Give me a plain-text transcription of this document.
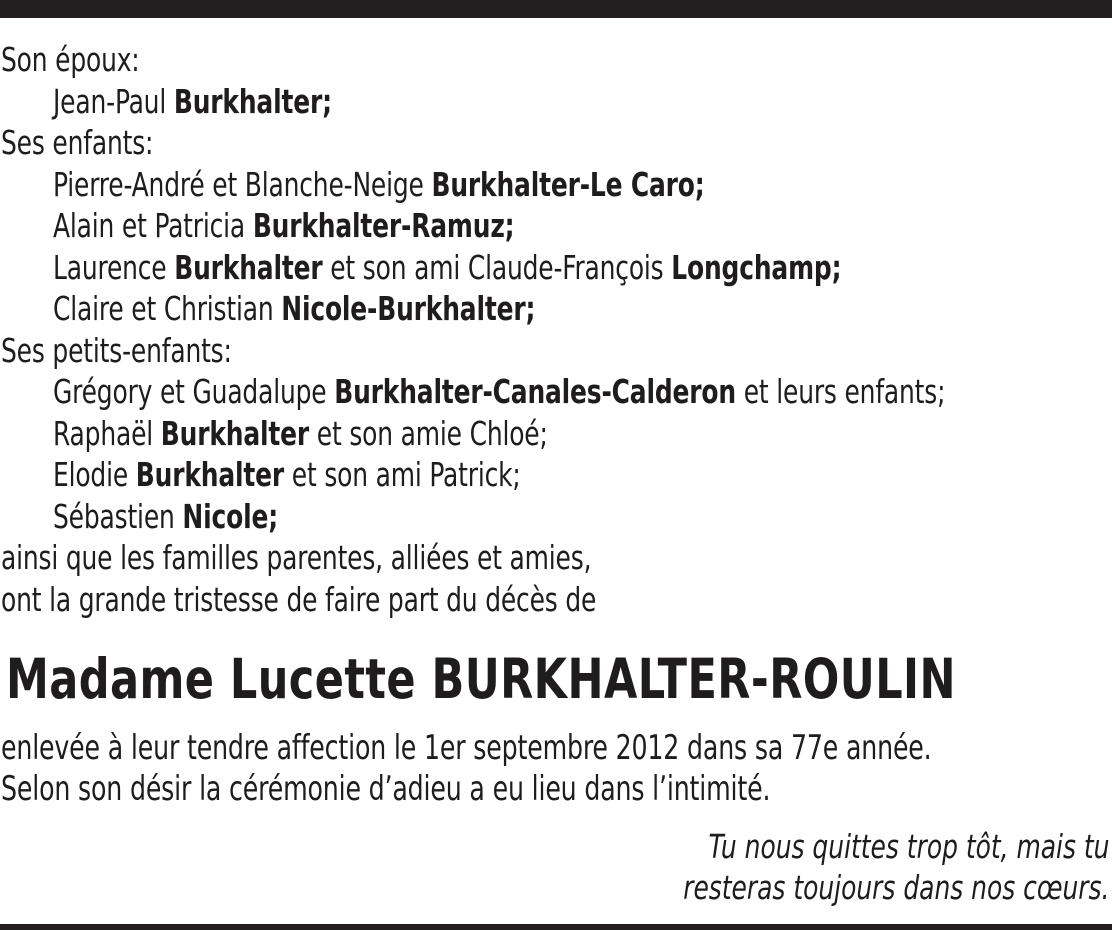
Son époux:
Jean-Paul Burkhalter;
Ses enfants:
Pierre-André et Blanche-Neige Burkhalter-Le Caro;
Alain et Patricia Burkhalter-Ramuz;
Laurence Burkhalter et son ami Claude-François Longchamp;
Claire et Christian Nicole-Burkhalter;
Ses petits-enfants:
Grégory et Guadalupe Burkhalter-Canales-Calderon et leurs enfants;
Raphaël Burkhalter et son amie Chloé;
Elodie Burkhalter et son ami Patrick;
Sébastien Nicole;
ainsi que les familles parentes, alliées et amies,
ont la grande tristesse de faire part du décès de
Madame Lucette BURKHALTER-ROULIN
enlevée à leur tendre affection le 1er septembre 2012 dans sa 77e année.
Selon son désir la cérémonie d’adieu a eu lieu dans l’intimité.
Tu nous quittes trop tôt, mais tu
resteras toujours dans nos cœurs.
